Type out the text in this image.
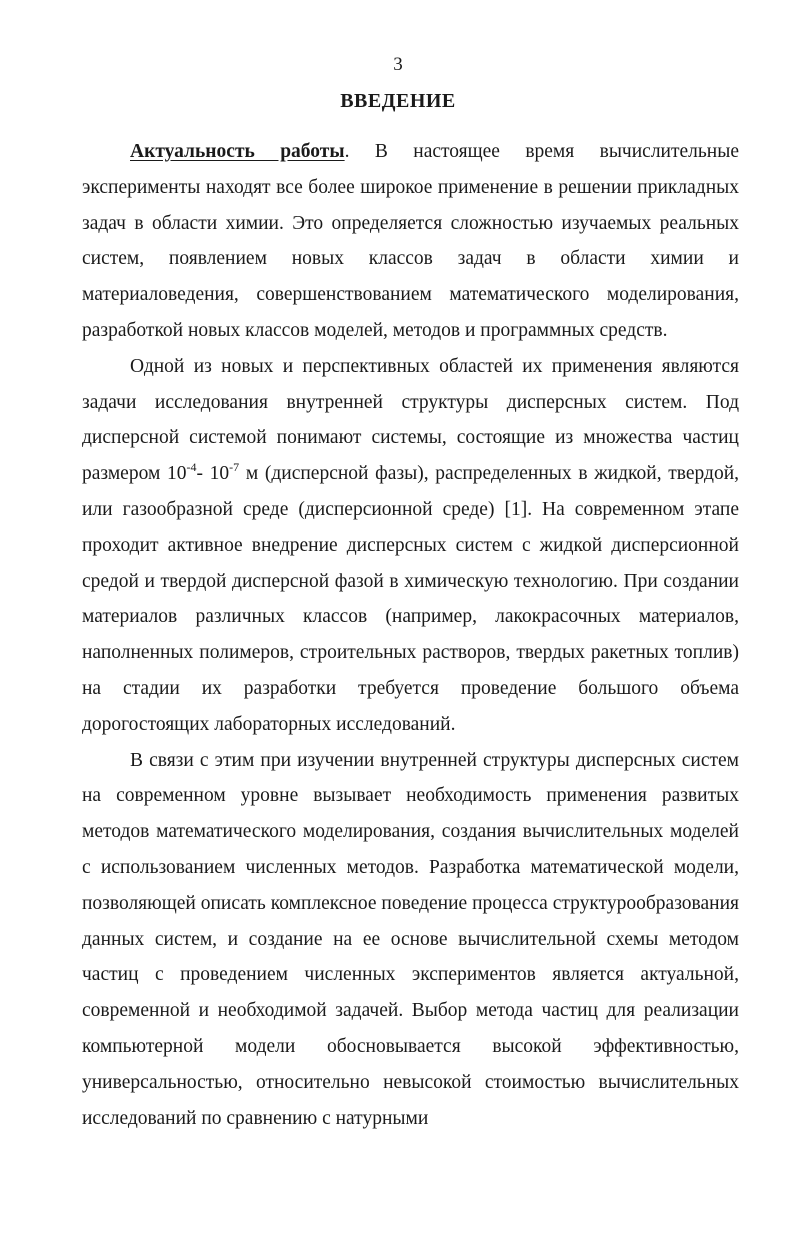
3
ВВЕДЕНИЕ

Актуальность работы. В настоящее время вычислительные эксперименты находят все более широкое применение в решении прикладных задач в области химии. Это определяется сложностью изучаемых реальных систем, появлением новых классов задач в области химии и материаловедения, совершенствованием математического моделирования, разработкой новых классов моделей, методов и программных средств.

Одной из новых и перспективных областей их применения являются задачи исследования внутренней структуры дисперсных систем. Под дисперсной системой понимают системы, состоящие из множества частиц размером $10^{-4}-$ $10^{-7}$ м (дисперсной фазы), распределенных в жидкой, твердой, или газообразной среде (дисперсионной среде) [1]. На современном этапе проходит активное внедрение дисперсных систем с жидкой дисперсионной средой и твердой дисперсной фазой в химическую технологию. При создании материалов различных классов (например, лакокрасочных материалов, наполненных полимеров, строительных растворов, твердых ракетных топлив) на стадии их разработки требуется проведение большого объема дорогостоящих лабораторных исследований.

В связи с этим при изучении внутренней структуры дисперсных систем на современном уровне вызывает необходимость применения развитых методов математического моделирования, создания вычислительных моделей с использованием численных методов. Разработка математической модели, позволяющей описать комплексное поведение процесса структурообразования данных систем, и создание на ее основе вычислительной схемы методом частиц с проведением численных экспериментов является актуальной, современной и необходимой задачей. Выбор метода частиц для реализации компьютерной модели обосновывается высокой эффективностью, универсальностью, относительно невысокой стоимостью вычислительных исследований по сравнению с натурными
